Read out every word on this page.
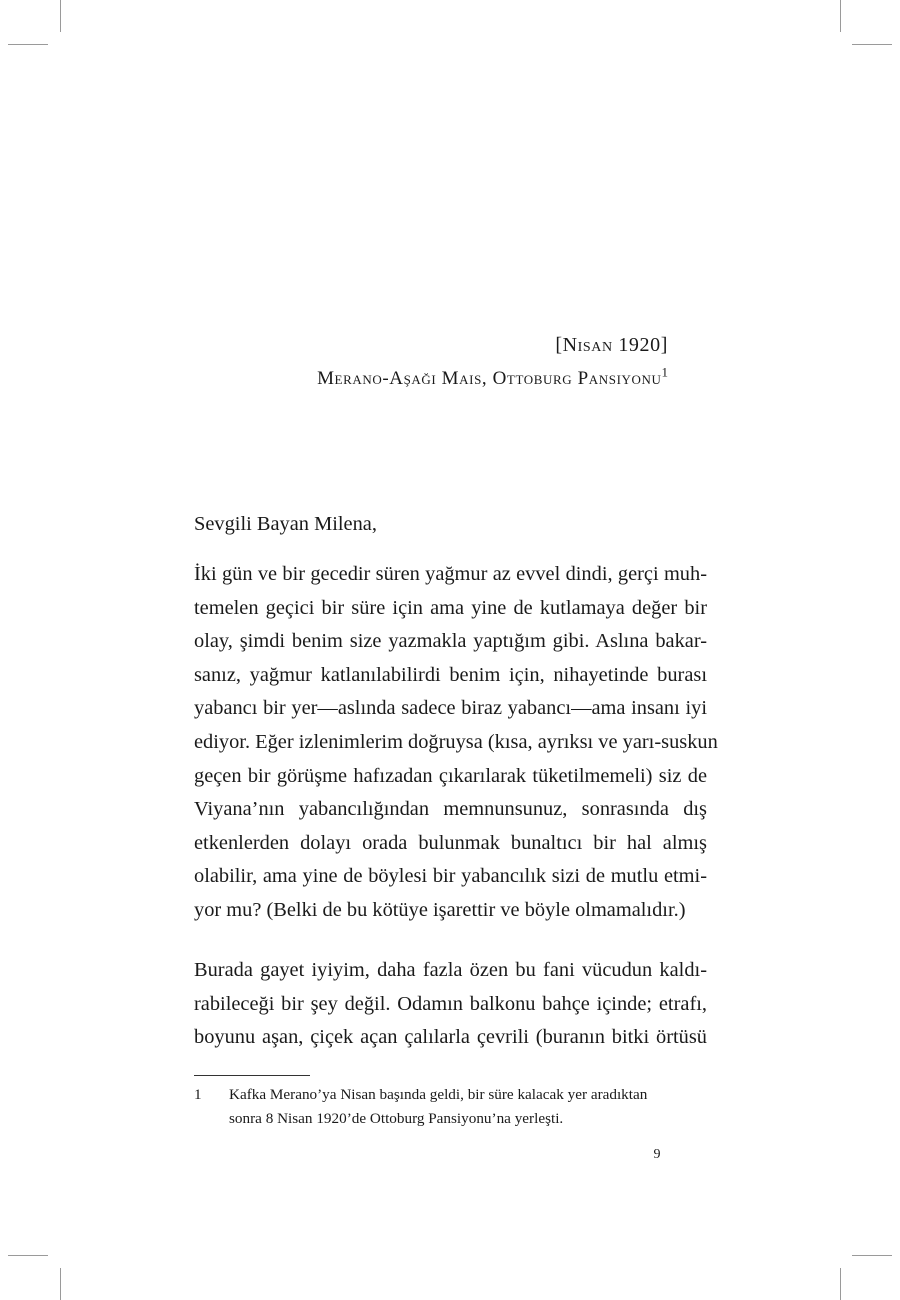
[Nisan 1920]
Merano-Aşağı Mais, Ottoburg Pansiyonu$^1$
Sevgili Bayan Milena,
İki gün ve bir gecedir süren yağmur az evvel dindi, gerçi muh-
temelen geçici bir süre için ama yine de kutlamaya değer bir
olay, şimdi benim size yazmakla yaptığım gibi. Aslına bakar-
sanız, yağmur katlanılabilirdi benim için, nihayetinde burası
yabancı bir yer—aslında sadece biraz yabancı—ama insanı iyi
ediyor. Eğer izlenimlerim doğruysa (kısa, ayrıksı ve yarı-suskun
geçen bir görüşme hafızadan çıkarılarak tüketilmemeli) siz de
Viyana’nın yabancılığından memnunsunuz, sonrasında dış
etkenlerden dolayı orada bulunmak bunaltıcı bir hal almış
olabilir, ama yine de böylesi bir yabancılık sizi de mutlu etmi-
yor mu? (Belki de bu kötüye işarettir ve böyle olmamalıdır.)
Burada gayet iyiyim, daha fazla özen bu fani vücudun kaldı-
rabileceği bir şey değil. Odamın balkonu bahçe içinde; etrafı,
boyunu aşan, çiçek açan çalılarla çevrili (buranın bitki örtüsü
1 Kafka Merano’ya Nisan başında geldi, bir süre kalacak yer aradıktan
sonra 8 Nisan 1920’de Ottoburg Pansiyonu’na yerleşti.
9
